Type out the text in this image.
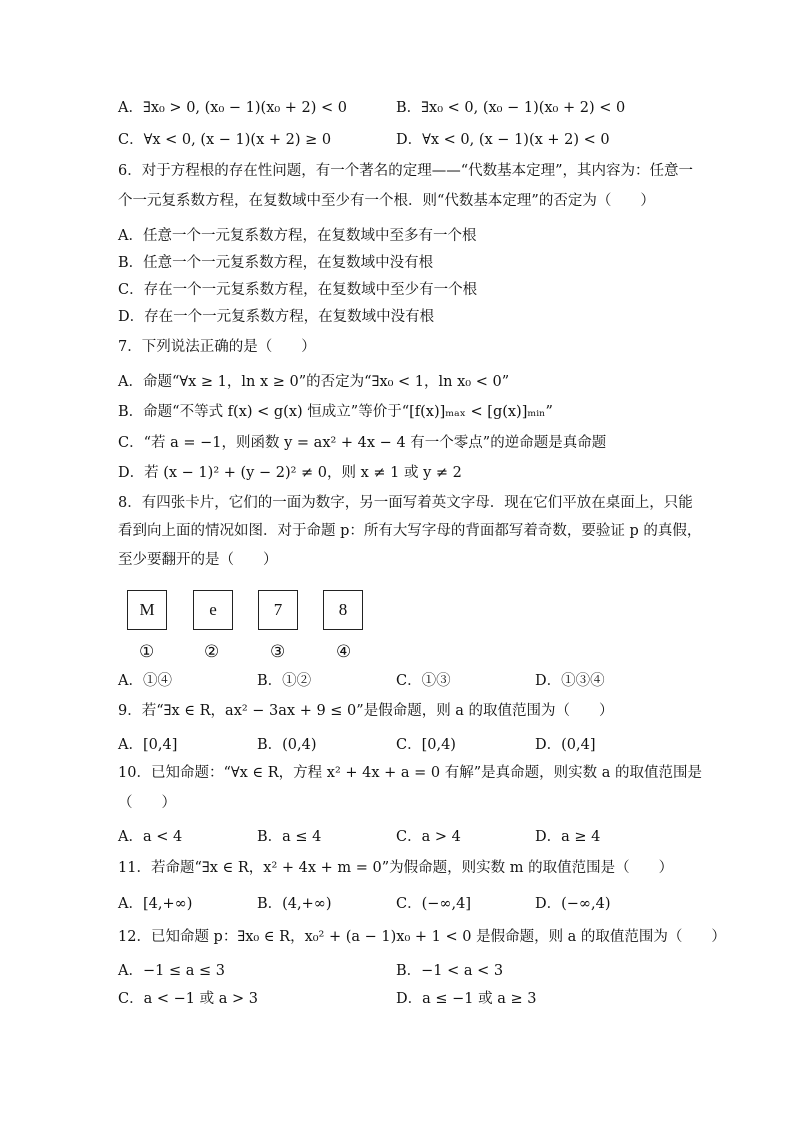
A．∃x₀ > 0, (x₀ − 1)(x₀ + 2) < 0	B．∃x₀ < 0, (x₀ − 1)(x₀ + 2) < 0
C．∀x < 0, (x − 1)(x + 2) ≥ 0	D．∀x < 0, (x − 1)(x + 2) < 0
6．对于方程根的存在性问题，有一个著名的定理——“代数基本定理”，其内容为：任意一
个一元复系数方程，在复数域中至少有一个根．则“代数基本定理”的否定为（　　）
A．任意一个一元复系数方程，在复数域中至多有一个根
B．任意一个一元复系数方程，在复数域中没有根
C．存在一个一元复系数方程，在复数域中至少有一个根
D．存在一个一元复系数方程，在复数域中没有根
7．下列说法正确的是（　　）
A．命题“∀x ≥ 1，ln x ≥ 0”的否定为“∃x₀ < 1，ln x₀ < 0”
B．命题“不等式 f(x) < g(x) 恒成立”等价于“[f(x)]ₘₐₓ < [g(x)]ₘᵢₙ”
C．“若 a = −1，则函数 y = ax² + 4x − 4 有一个零点”的逆命题是真命题
D．若 (x − 1)² + (y − 2)² ≠ 0，则 x ≠ 1 或 y ≠ 2
8．有四张卡片，它们的一面为数字，另一面写着英文字母．现在它们平放在桌面上，只能
看到向上面的情况如图．对于命题 p：所有大写字母的背面都写着奇数，要验证 p 的真假，
至少要翻开的是（　　）
M	e	7	8
①	②	③	④
A．①④	B．①②	C．①③	D．①③④
9．若“∃x ∈ R，ax² − 3ax + 9 ≤ 0”是假命题，则 a 的取值范围为（　　）
A．[0,4]	B．(0,4)	C．[0,4)	D．(0,4]
10．已知命题：“∀x ∈ R，方程 x² + 4x + a = 0 有解”是真命题，则实数 a 的取值范围是
（　　）
A．a < 4	B．a ≤ 4	C．a > 4	D．a ≥ 4
11．若命题“∃x ∈ R，x² + 4x + m = 0”为假命题，则实数 m 的取值范围是（　　）
A．[4,+∞)	B．(4,+∞)	C．(−∞,4]	D．(−∞,4)
12．已知命题 p：∃x₀ ∈ R，x₀² + (a − 1)x₀ + 1 < 0 是假命题，则 a 的取值范围为（　　）
A．−1 ≤ a ≤ 3	B．−1 < a < 3
C．a < −1 或 a > 3	D．a ≤ −1 或 a ≥ 3
